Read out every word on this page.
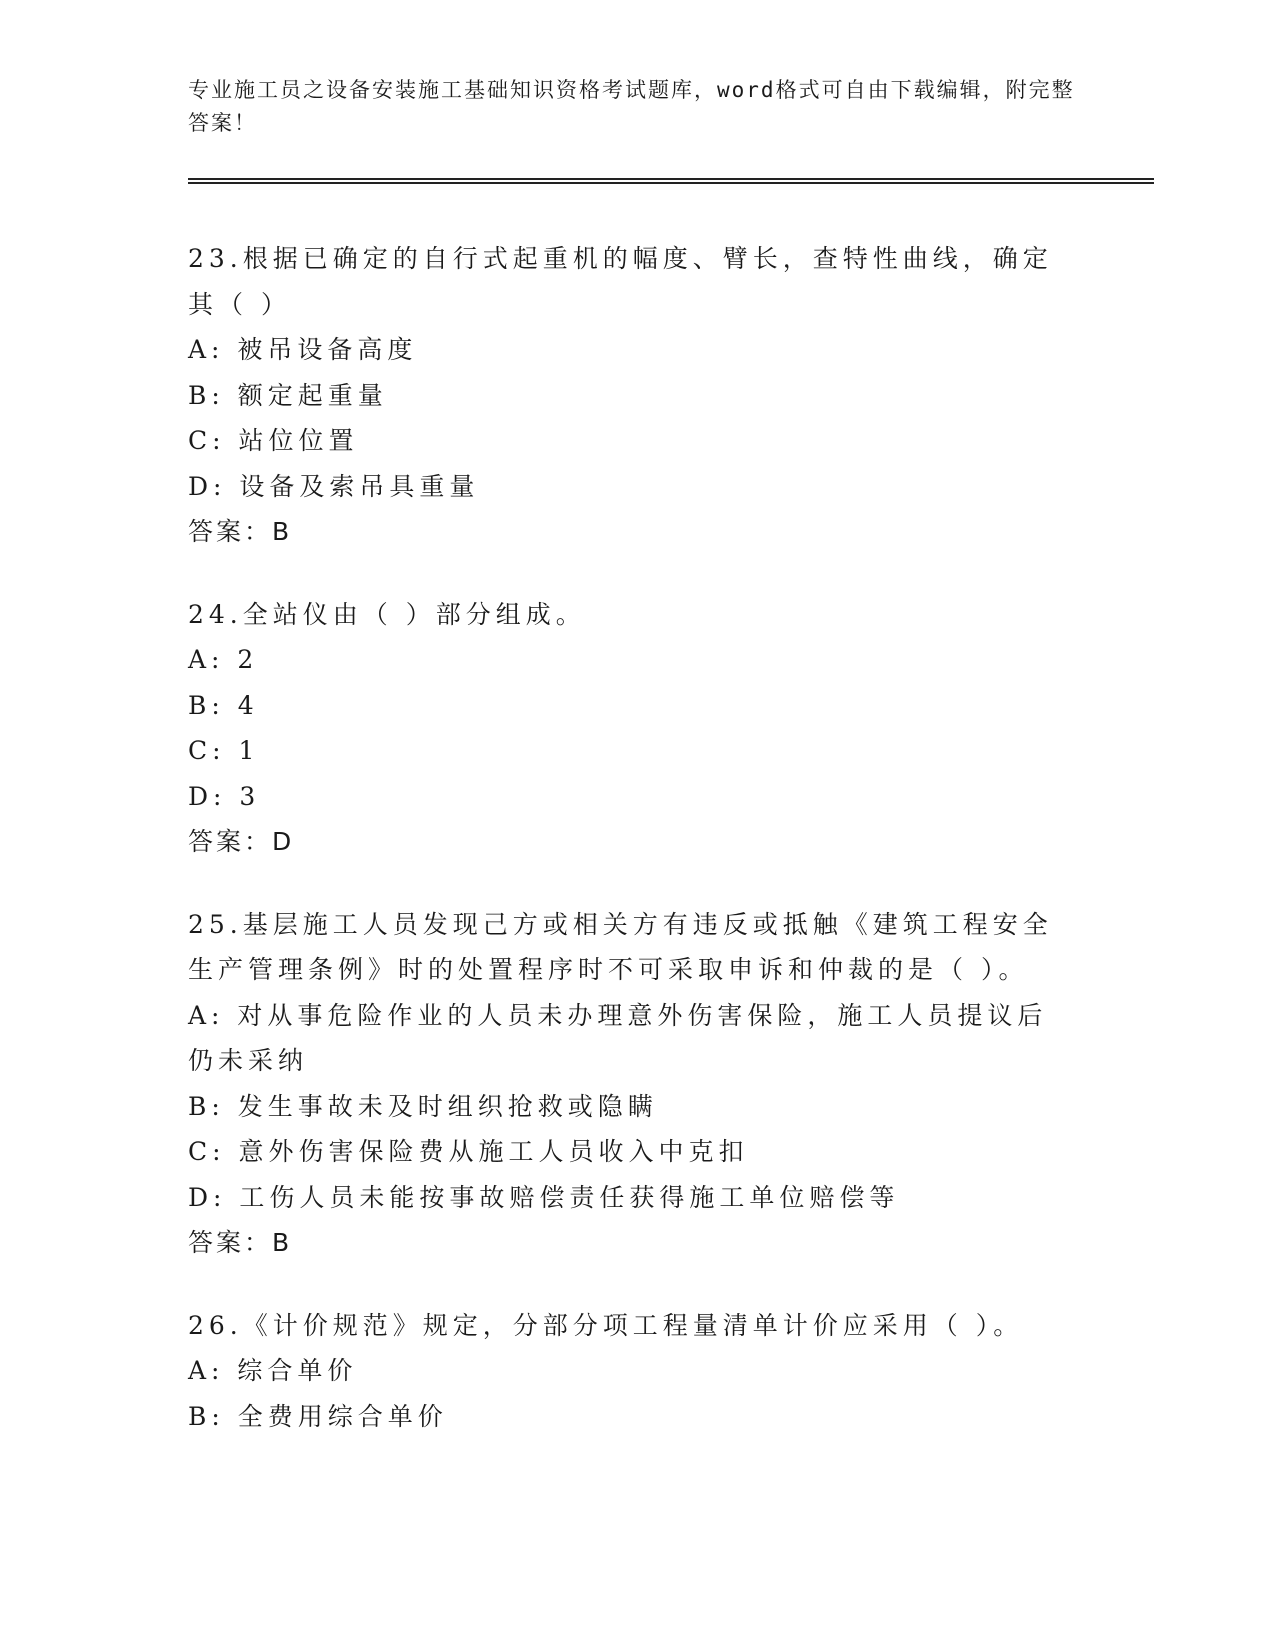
专业施工员之设备安装施工基础知识资格考试题库，word格式可自由下载编辑，附完整答案！
23.根据已确定的自行式起重机的幅度、臂长，查特性曲线，确定其（ ）
A: 被吊设备高度
B: 额定起重量
C: 站位位置
D: 设备及索吊具重量
答案：B
24.全站仪由（ ）部分组成。
A: 2
B: 4
C: 1
D: 3
答案：D
25.基层施工人员发现己方或相关方有违反或抵触《建筑工程安全生产管理条例》时的处置程序时不可采取申诉和仲裁的是（ ）。
A: 对从事危险作业的人员未办理意外伤害保险，施工人员提议后仍未采纳
B: 发生事故未及时组织抢救或隐瞒
C: 意外伤害保险费从施工人员收入中克扣
D: 工伤人员未能按事故赔偿责任获得施工单位赔偿等
答案：B
26.《计价规范》规定，分部分项工程量清单计价应采用（ ）。
A: 综合单价
B: 全费用综合单价
